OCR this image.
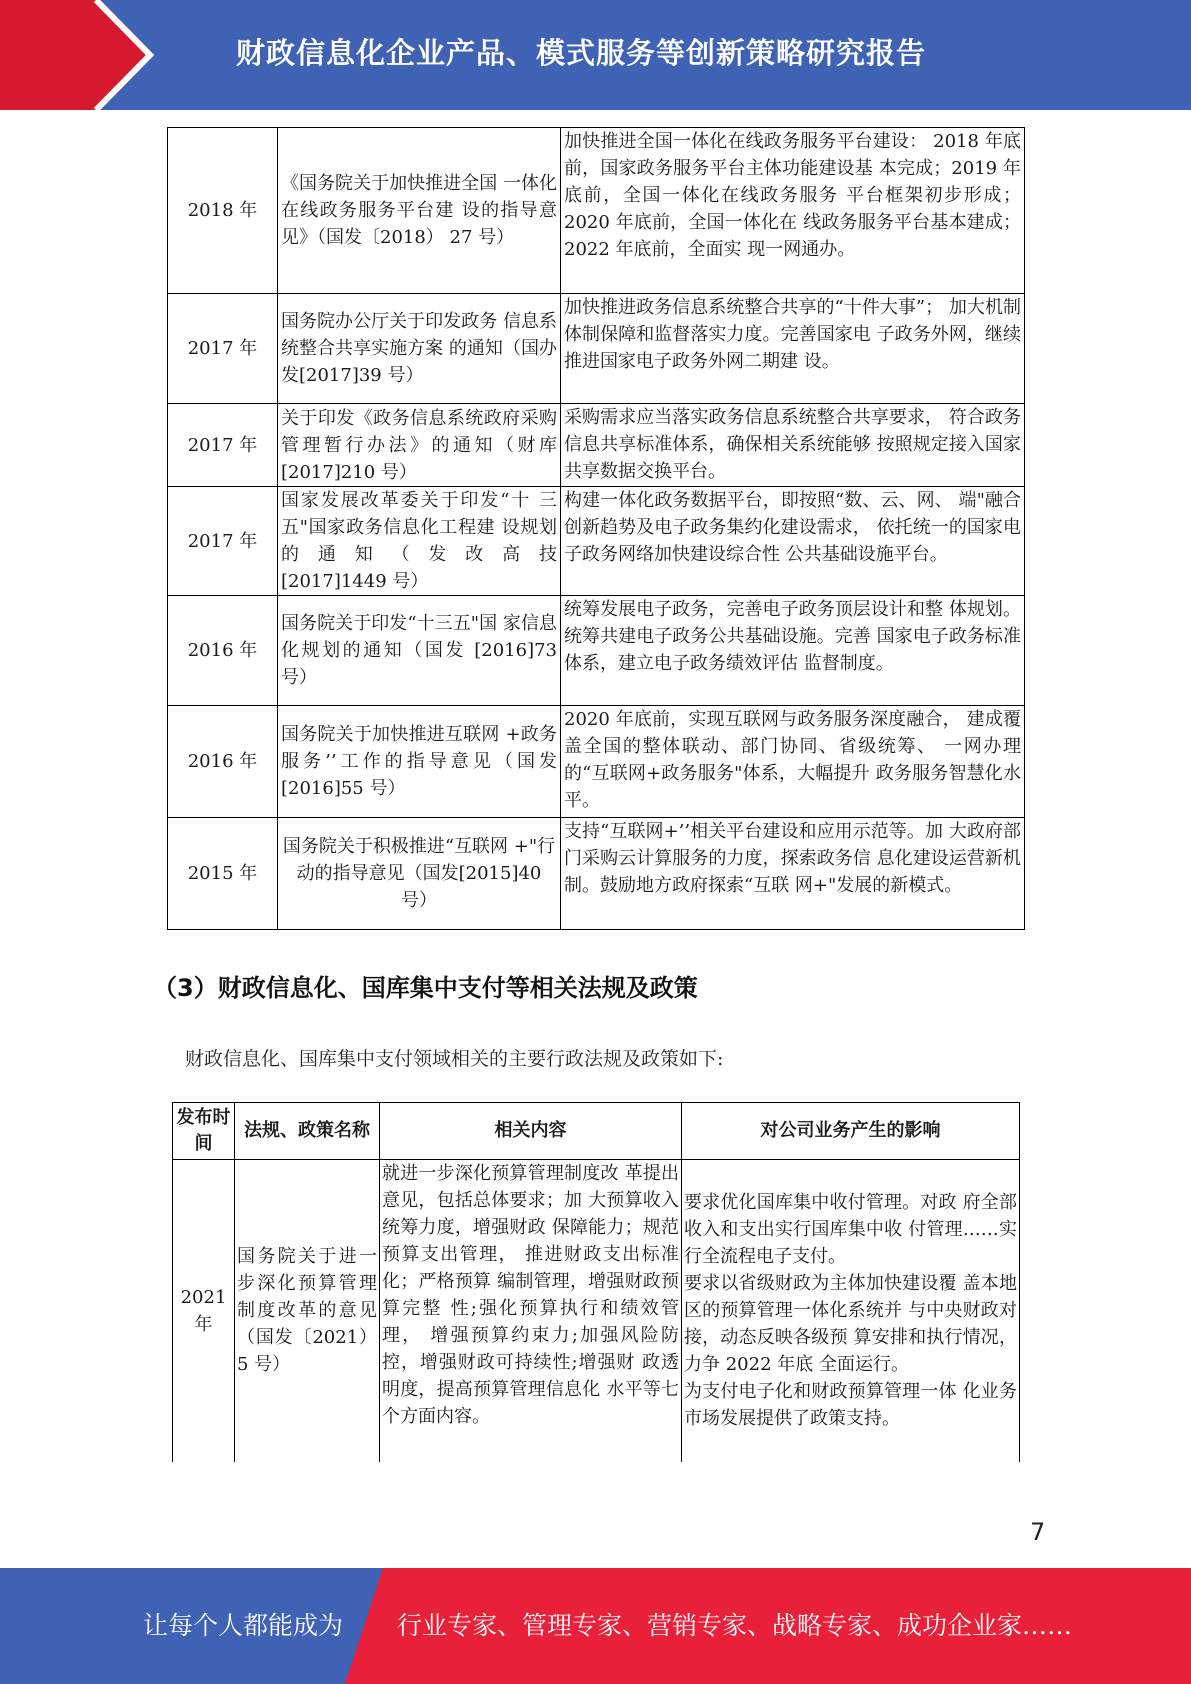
财政信息化企业产品、模式服务等创新策略研究报告
2018 年	《国务院关于加快推进全国 一体化在线政务服务平台建 设的指导意见》（国发〔2018） 27 号）	加快推进全国一体化在线政务服务平台建设： 2018 年底前，国家政务服务平台主体功能建设基 本完成；2019 年底前，全国一体化在线政务服务 平台框架初步形成；2020 年底前，全国一体化在 线政务服务平台基本建成；2022 年底前，全面实 现一网通办。
2017 年	国务院办公厅关于印发政务 信息系统整合共享实施方案 的通知（国办发[2017]39 号）	加快推进政务信息系统整合共享的“十件大事”； 加大机制体制保障和监督落实力度。完善国家电 子政务外网，继续推进国家电子政务外网二期建 设。
2017 年	关于印发《政务信息系统政府采购管理暂行办法》的通知（财库[2017]210 号）	采购需求应当落实政务信息系统整合共享要求， 符合政务信息共享标准体系，确保相关系统能够 按照规定接入国家共享数据交换平台。
2017 年	国家发展改革委关于印发“十 三五"国家政务信息化工程建 设规划 的 通 知 （ 发 改 高 技 [2017]1449 号）	构建一体化政务数据平台，即按照“数、云、网、 端"融合创新趋势及电子政务集约化建设需求， 依托统一的国家电子政务网络加快建设综合性 公共基础设施平台。
2016 年	国务院关于印发“十三五"国 家信息化规划的通知（国发 [2016]73 号）	统筹发展电子政务，完善电子政务顶层设计和整 体规划。统筹共建电子政务公共基础设施。完善 国家电子政务标准体系，建立电子政务绩效评估 监督制度。
2016 年	国务院关于加快推进互联网 +政务服务’’工作的指导意见（国发[2016]55 号）	2020 年底前，实现互联网与政务服务深度融合， 建成覆盖全国的整体联动、部门协同、省级统筹、 一网办理的“互联网+政务服务"体系，大幅提升 政务服务智慧化水平。
2015 年	国务院关于积极推进“互联网 +"行动的指导意见（国发[2015]40 号）	支持“互联网+’’相关平台建设和应用示范等。加 大政府部门采购云计算服务的力度，探索政务信 息化建设运营新机制。鼓励地方政府探索“互联 网+"发展的新模式。
（3）财政信息化、国库集中支付等相关法规及政策
财政信息化、国库集中支付领域相关的主要行政法规及政策如下:
发布时间	法规、政策名称	相关内容	对公司业务产生的影响
2021 年	国务院关于进一步深化预算管理制度改革的意见（国发〔2021） 5 号）	就进一步深化预算管理制度改 革提出意见，包括总体要求；加 大预算收入统筹力度，增强财政 保障能力；规范预算支出管理， 推进财政支出标准化；严格预算 编制管理，增强财政预算完整 性;强化预算执行和绩效管理， 增强预算约束力;加强风险防 控，增强财政可持续性;增强财 政透明度，提高预算管理信息化 水平等七个方面内容。	要求优化国库集中收付管理。对政 府全部收入和支出实行国库集中收 付管理……实行全流程电子支付。
要求以省级财政为主体加快建设覆 盖本地区的预算管理一体化系统并 与中央财政对接，动态反映各级预 算安排和执行情况，力争 2022 年底 全面运行。
为支付电子化和财政预算管理一体 化业务市场发展提供了政策支持。
7
让每个人都能成为 行业专家、管理专家、营销专家、战略专家、成功企业家……
